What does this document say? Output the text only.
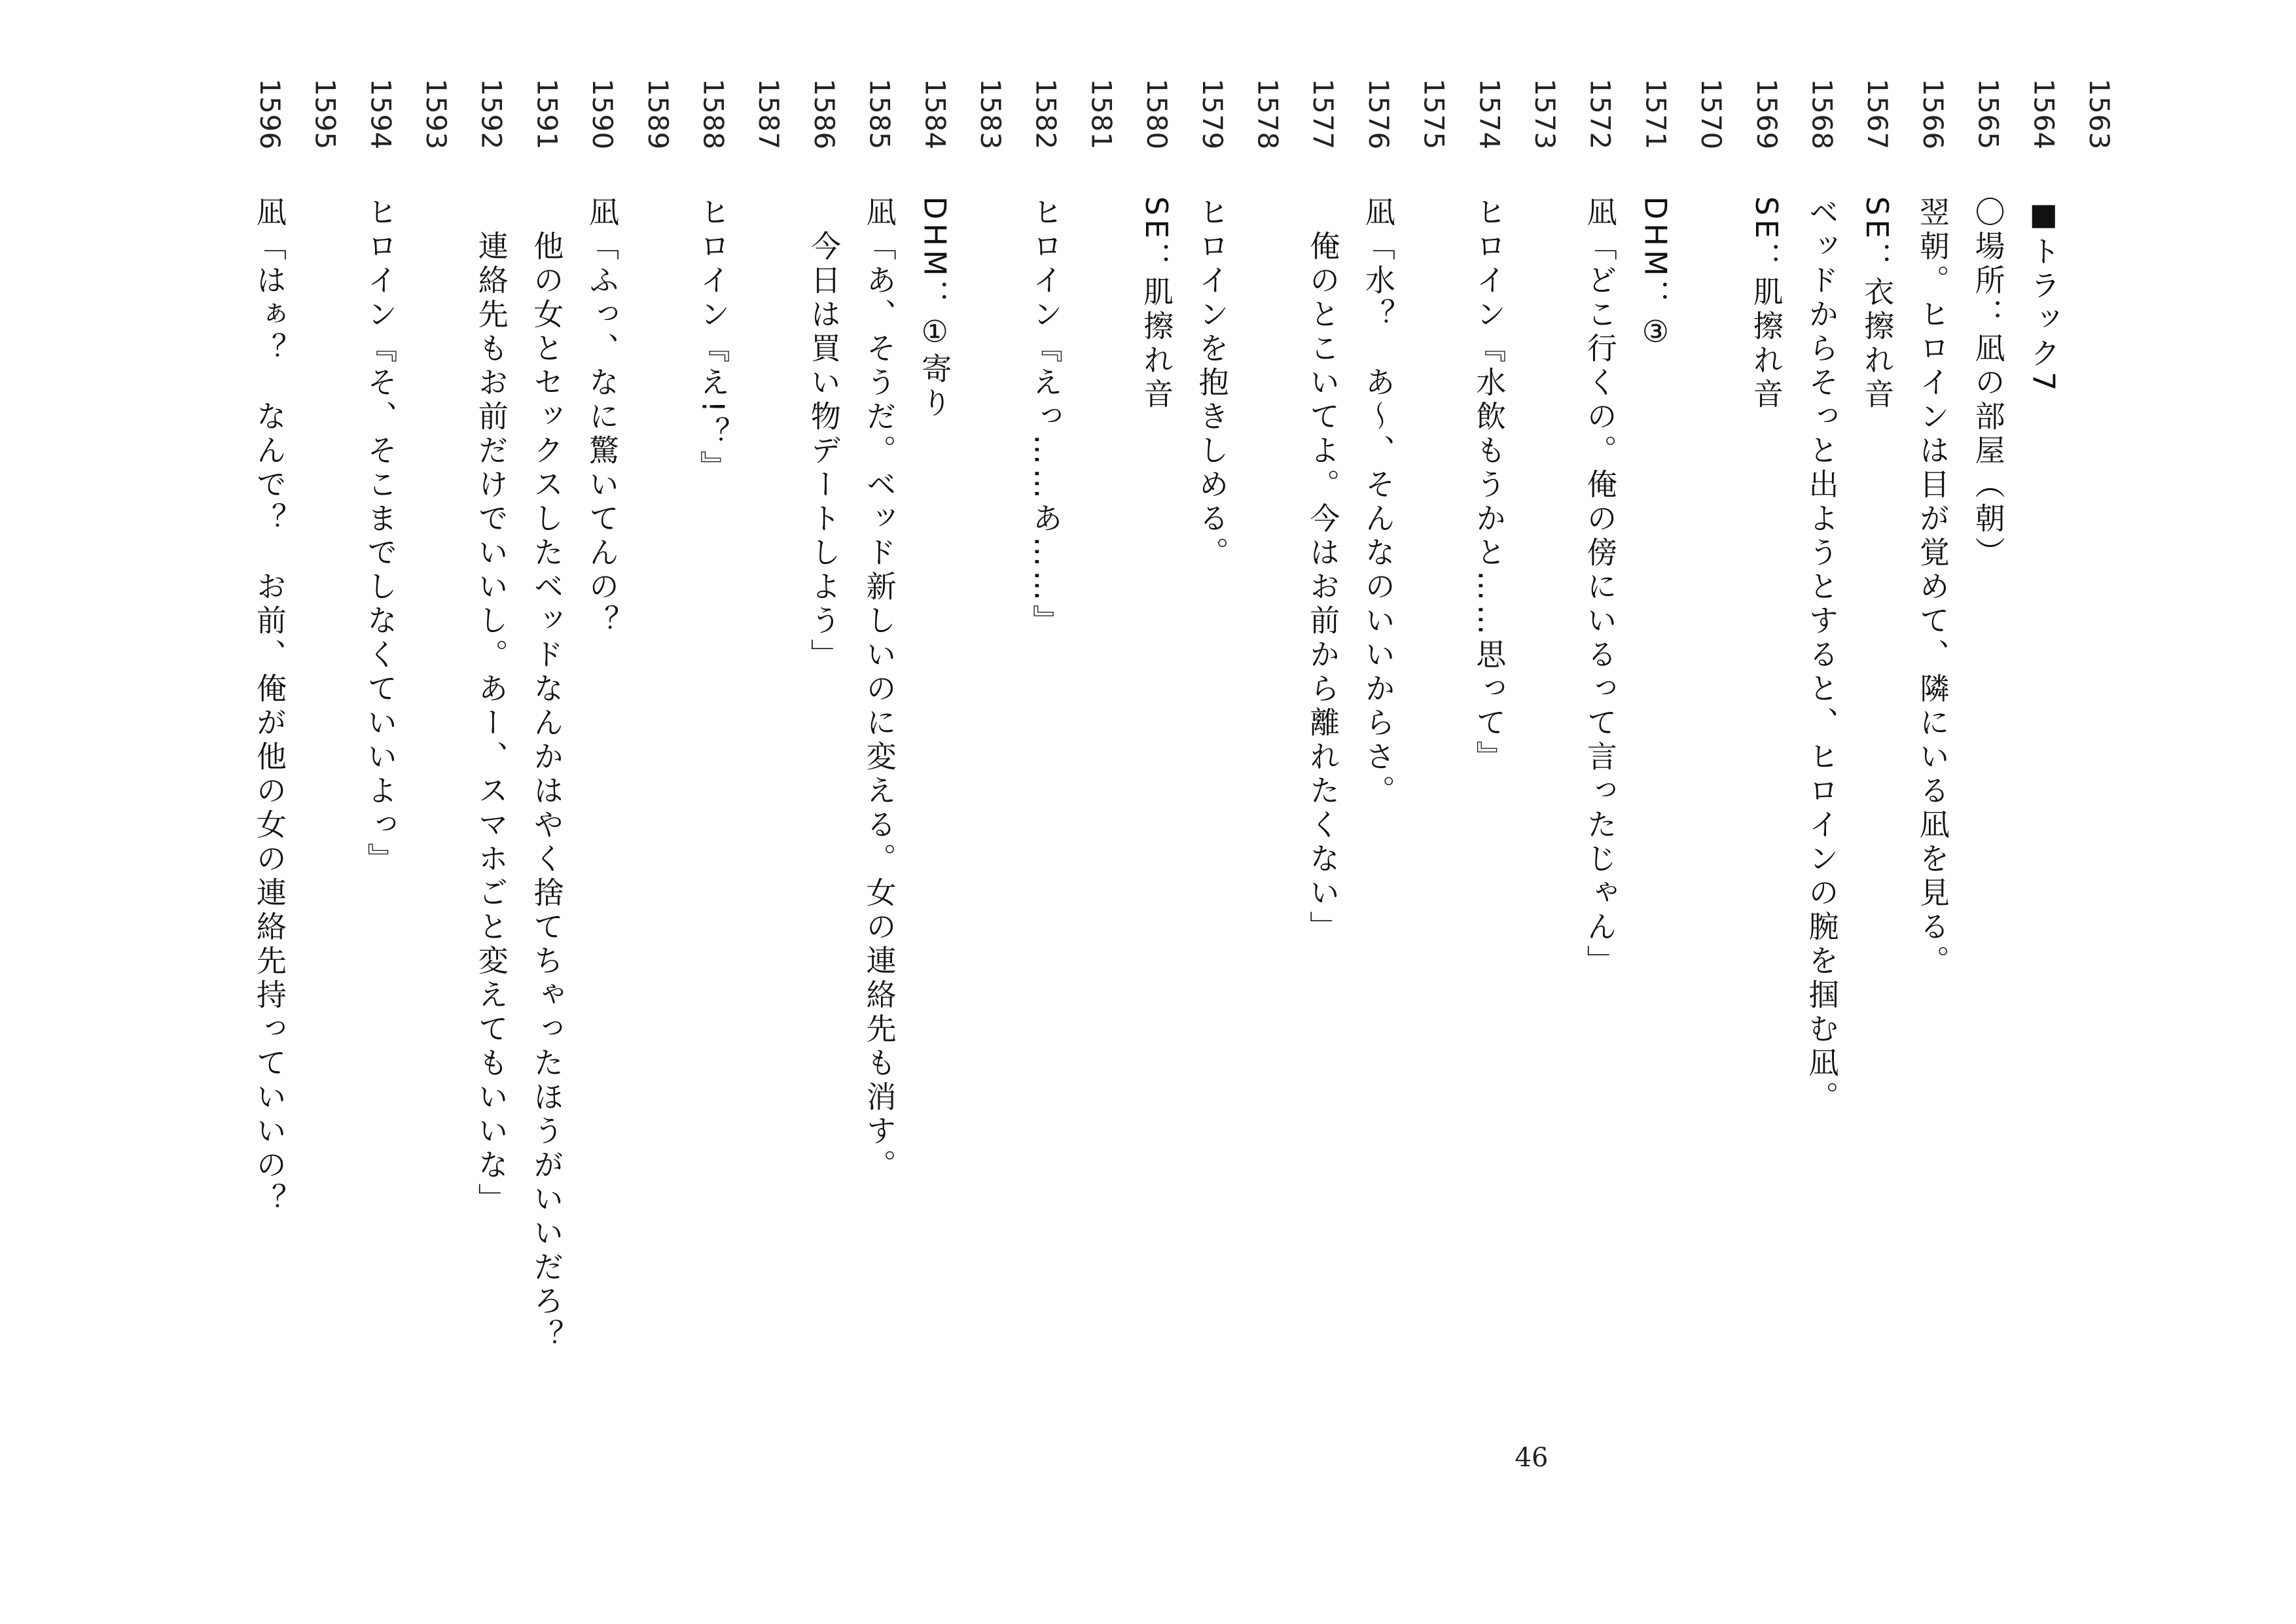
1563
1564
■トラック7
1565
〇場所：凪の部屋（朝）
1566
翌朝。ヒロインは目が覚めて、隣にいる凪を見る。
1567
SE：衣擦れ音
1568
ベッドからそっと出ようとすると、ヒロインの腕を掴む凪。
1569
SE：肌擦れ音
1570
1571
DHM：③
1572
凪「どこ行くの。俺の傍にいるって言ったじゃん」
1573
1574
ヒロイン『水飲もうかと……思って』
1575
1576
凪「水？　あ～、そんなのいいからさ。
1577
俺のとこいてよ。今はお前から離れたくない」
1578
1579
ヒロインを抱きしめる。
1580
SE：肌擦れ音
1581
1582
ヒロイン『えっ……あ……』
1583
1584
DHM：①寄り
1585
凪「あ、そうだ。ベッド新しいのに変える。女の連絡先も消す。
1586
今日は買い物デートしよう」
1587
1588
ヒロイン『え!？』
1589
1590
凪「ふっ、なに驚いてんの？
1591
他の女とセックスしたベッドなんかはやく捨てちゃったほうがいいだろ？
1592
連絡先もお前だけでいいし。あー、スマホごと変えてもいいな」
1593
1594
ヒロイン『そ、そこまでしなくていいよっ』
1595
1596
凪「はぁ？　なんで？　お前、俺が他の女の連絡先持っていいの？
46
